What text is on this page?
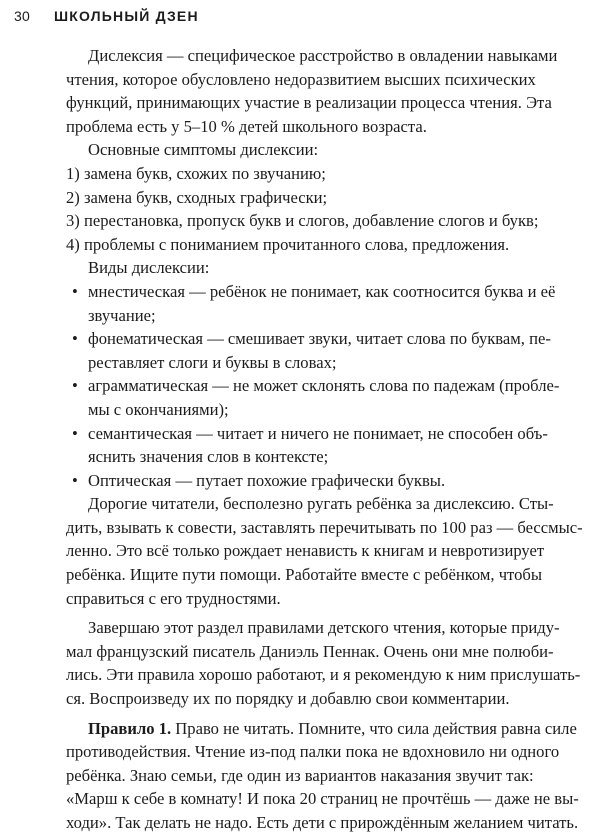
30 ШКОЛЬНЫЙ ДЗЕН
Дислексия — специфическое расстройство в овладении навыками
чтения, которое обусловлено недоразвитием высших психических
функций, принимающих участие в реализации процесса чтения. Эта
проблема есть у 5–10 % детей школьного возраста.
Основные симптомы дислексии:
1) замена букв, схожих по звучанию;
2) замена букв, сходных графически;
3) перестановка, пропуск букв и слогов, добавление слогов и букв;
4) проблемы с пониманием прочитанного слова, предложения.
Виды дислексии:
• мнестическая — ребёнок не понимает, как соотносится буква и её
звучание;
• фонематическая — смешивает звуки, читает слова по буквам, пе-
реставляет слоги и буквы в словах;
• аграмматическая — не может склонять слова по падежам (пробле-
мы с окончаниями);
• семантическая — читает и ничего не понимает, не способен объ-
яснить значения слов в контексте;
• Оптическая — путает похожие графически буквы.
Дорогие читатели, бесполезно ругать ребёнка за дислексию. Сты-
дить, взывать к совести, заставлять перечитывать по 100 раз — бессмыс-
ленно. Это всё только рождает ненависть к книгам и невротизирует
ребёнка. Ищите пути помощи. Работайте вместе с ребёнком, чтобы
справиться с его трудностями.
Завершаю этот раздел правилами детского чтения, которые приду-
мал французский писатель Даниэль Пеннак. Очень они мне полюби-
лись. Эти правила хорошо работают, и я рекомендую к ним прислушать-
ся. Воспроизведу их по порядку и добавлю свои комментарии.
Правило 1. Право не читать. Помните, что сила действия равна силе
противодействия. Чтение из-под палки пока не вдохновило ни одного
ребёнка. Знаю семьи, где один из вариантов наказания звучит так:
«Марш к себе в комнату! И пока 20 страниц не прочтёшь — даже не вы-
ходи». Так делать не надо. Есть дети с прирождённым желанием читать.
